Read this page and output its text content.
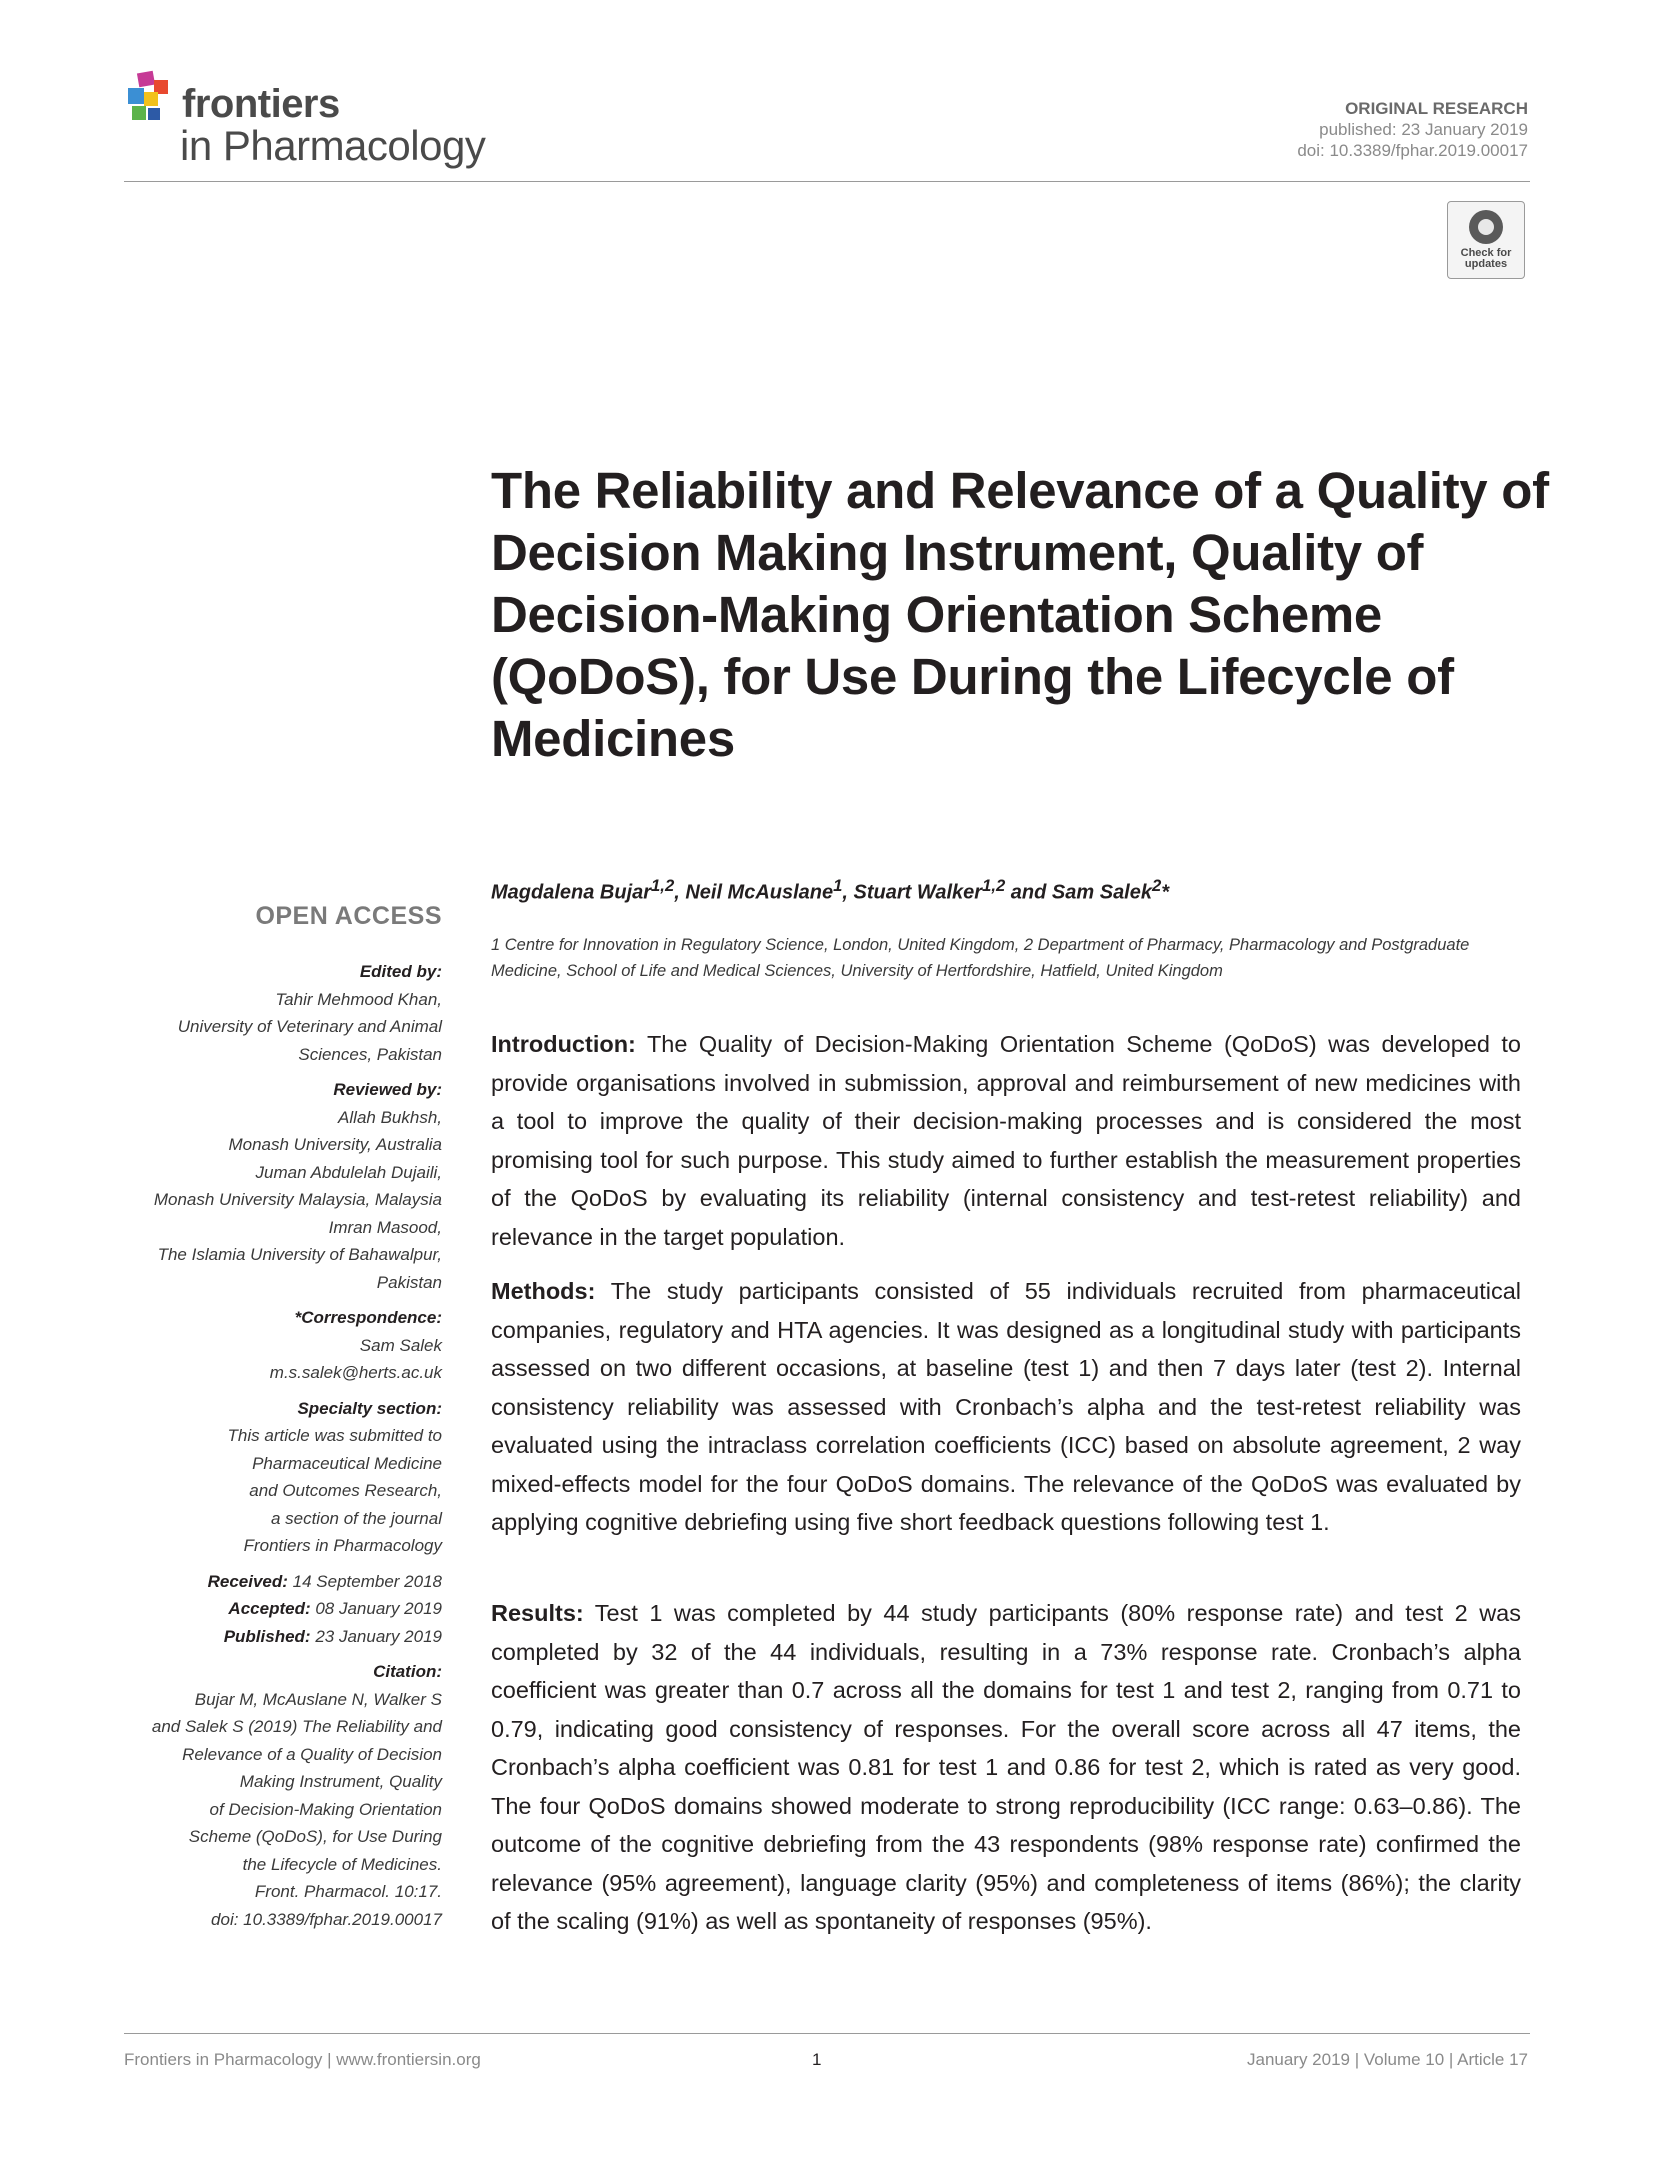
frontiers
in Pharmacology
ORIGINAL RESEARCH
published: 23 January 2019
doi: 10.3389/fphar.2019.00017
Check for updates
The Reliability and Relevance of a Quality of Decision Making Instrument, Quality of Decision-Making Orientation Scheme (QoDoS), for Use During the Lifecycle of Medicines
Magdalena Bujar$^{1,2}$, Neil McAuslane$^1$, Stuart Walker$^{1,2}$ and Sam Salek$^2$*
1 Centre for Innovation in Regulatory Science, London, United Kingdom, 2 Department of Pharmacy, Pharmacology and Postgraduate Medicine, School of Life and Medical Sciences, University of Hertfordshire, Hatfield, United Kingdom
OPEN ACCESS
Edited by:
Tahir Mehmood Khan,
University of Veterinary and Animal
Sciences, Pakistan
Reviewed by:
Allah Bukhsh,
Monash University, Australia
Juman Abdulelah Dujaili,
Monash University Malaysia, Malaysia
Imran Masood,
The Islamia University of Bahawalpur,
Pakistan
*Correspondence:
Sam Salek
m.s.salek@herts.ac.uk
Specialty section:
This article was submitted to
Pharmaceutical Medicine
and Outcomes Research,
a section of the journal
Frontiers in Pharmacology
Received: 14 September 2018
Accepted: 08 January 2019
Published: 23 January 2019
Citation:
Bujar M, McAuslane N, Walker S
and Salek S (2019) The Reliability and
Relevance of a Quality of Decision
Making Instrument, Quality
of Decision-Making Orientation
Scheme (QoDoS), for Use During
the Lifecycle of Medicines.
Front. Pharmacol. 10:17.
doi: 10.3389/fphar.2019.00017

Introduction: The Quality of Decision-Making Orientation Scheme (QoDoS) was developed to provide organisations involved in submission, approval and reimbursement of new medicines with a tool to improve the quality of their decision-making processes and is considered the most promising tool for such purpose. This study aimed to further establish the measurement properties of the QoDoS by evaluating its reliability (internal consistency and test-retest reliability) and relevance in the target population.

Methods: The study participants consisted of 55 individuals recruited from pharmaceutical companies, regulatory and HTA agencies. It was designed as a longitudinal study with participants assessed on two different occasions, at baseline (test 1) and then 7 days later (test 2). Internal consistency reliability was assessed with Cronbach’s alpha and the test-retest reliability was evaluated using the intraclass correlation coefficients (ICC) based on absolute agreement, 2 way mixed-effects model for the four QoDoS domains. The relevance of the QoDoS was evaluated by applying cognitive debriefing using five short feedback questions following test 1.

Results: Test 1 was completed by 44 study participants (80% response rate) and test 2 was completed by 32 of the 44 individuals, resulting in a 73% response rate. Cronbach’s alpha coefficient was greater than 0.7 across all the domains for test 1 and test 2, ranging from 0.71 to 0.79, indicating good consistency of responses. For the overall score across all 47 items, the Cronbach’s alpha coefficient was 0.81 for test 1 and 0.86 for test 2, which is rated as very good. The four QoDoS domains showed moderate to strong reproducibility (ICC range: 0.63–0.86). The outcome of the cognitive debriefing from the 43 respondents (98% response rate) confirmed the relevance (95% agreement), language clarity (95%) and completeness of items (86%); the clarity of the scaling (91%) as well as spontaneity of responses (95%).

Frontiers in Pharmacology | www.frontiersin.org	1	January 2019 | Volume 10 | Article 17
